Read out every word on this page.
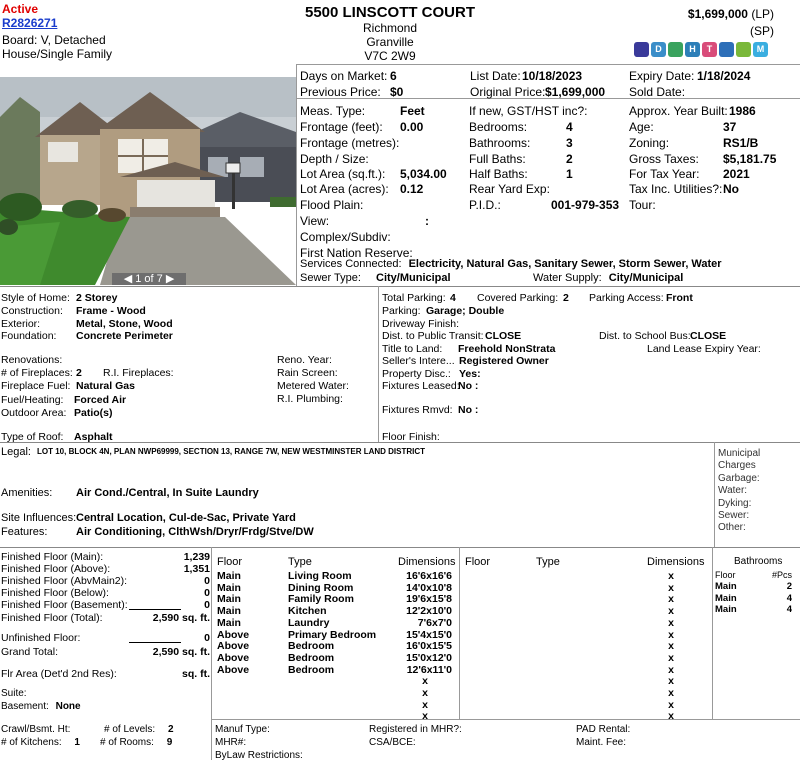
Active
R2826271
Board: V, Detached
House/Single Family
5500 LINSCOTT COURT
Richmond
Granville
V7C 2W9
$1,699,000 (LP)
(SP)
D	H	T	M
◀ 1 of 7 ▶
Days on Market: 6
Previous Price: $0
List Date: 10/18/2023
Original Price: $1,699,000
Expiry Date: 1/18/2024
Sold Date:
Meas. Type:	Feet
Frontage (feet): 0.00
Frontage (metres):
Depth / Size:
Lot Area (sq.ft.): 5,034.00
Lot Area (acres): 0.12
Flood Plain:
View:	:
Complex/Subdiv:
First Nation Reserve:
If new, GST/HST inc?:
Bedrooms:	4
Bathrooms:	3
Full Baths:	2
Half Baths:	1
Rear Yard Exp:
P.I.D.:	001-979-353
Approx. Year Built: 1986
Age:	37
Zoning:	RS1/B
Gross Taxes: $5,181.75
For Tax Year: 2021
Tax Inc. Utilities?: No
Tour:
Style of Home: 2 Storey
Construction: Frame - Wood
Exterior:	Metal, Stone, Wood
Foundation: Concrete Perimeter
Renovations:
# of Fireplaces: 2 R.I. Fireplaces:
Fireplace Fuel: Natural Gas
Fuel/Heating: Forced Air
Outdoor Area: Patio(s)
Type of Roof: Asphalt
Reno. Year:
Rain Screen:
Metered Water:
R.I. Plumbing:
Total Parking: 4 Covered Parking: 2 Parking Access: Front
Parking: Garage; Double
Driveway Finish:
Dist. to Public Transit: CLOSE	Dist. to School Bus: CLOSE
Title to Land: Freehold NonStrata	Land Lease Expiry Year:
Seller's Intere... Registered Owner
Property Disc.: Yes:
Fixtures Leased:
No :
Fixtures Rmvd: No :
Floor Finish:
Services Connected: Electricity, Natural Gas, Sanitary Sewer, Storm Sewer, Water
Sewer Type: City/Municipal	Water Supply: City/Municipal
Legal: LOT 10, BLOCK 4N, PLAN NWP69999, SECTION 13, RANGE 7W, NEW WESTMINSTER LAND DISTRICT
Amenities: Air Cond./Central, In Suite Laundry
Site Influences: Central Location, Cul-de-Sac, Private Yard
Features:	Air Conditioning, ClthWsh/Dryr/Frdg/Stve/DW
Municipal Charges
Garbage:
Water:
Dyking:
Sewer:
Other:
Finished Floor (Main):	1,239
Finished Floor (Above):	1,351
Finished Floor (AbvMain2):	0
Finished Floor (Below):	0
Finished Floor (Basement):	0
Finished Floor (Total):	2,590 sq. ft.
Unfinished Floor:	0
Grand Total:	2,590 sq. ft.
Flr Area (Det'd 2nd Res):	sq. ft.
Suite:
Basement: None
Crawl/Bsmt. Ht:	# of Levels: 2
# of Kitchens: 1 # of Rooms: 9
Floor	Type	Dimensions Floor	Type	Dimensions
Main	Living Room	16'6x16'6
Main	Dining Room	14'0x10'8
Main	Family Room	19'6x15'8
Main	Kitchen	12'2x10'0
Main	Laundry	7'6x7'0
Above	Primary Bedroom	15'4x15'0
Above	Bedroom	16'0x15'5
Above	Bedroom	15'0x12'0
Above	Bedroom	12'6x11'0
x
x
x
x
x
x
x
x
x
x
x
x
x
x
x
x
x
Bathrooms
Floor	#Pcs
Main	2
Main	4
Main	4
Manuf Type:
MHR#:
ByLaw Restrictions:
Registered in MHR?:
CSA/BCE:
PAD Rental:
Maint. Fee:
